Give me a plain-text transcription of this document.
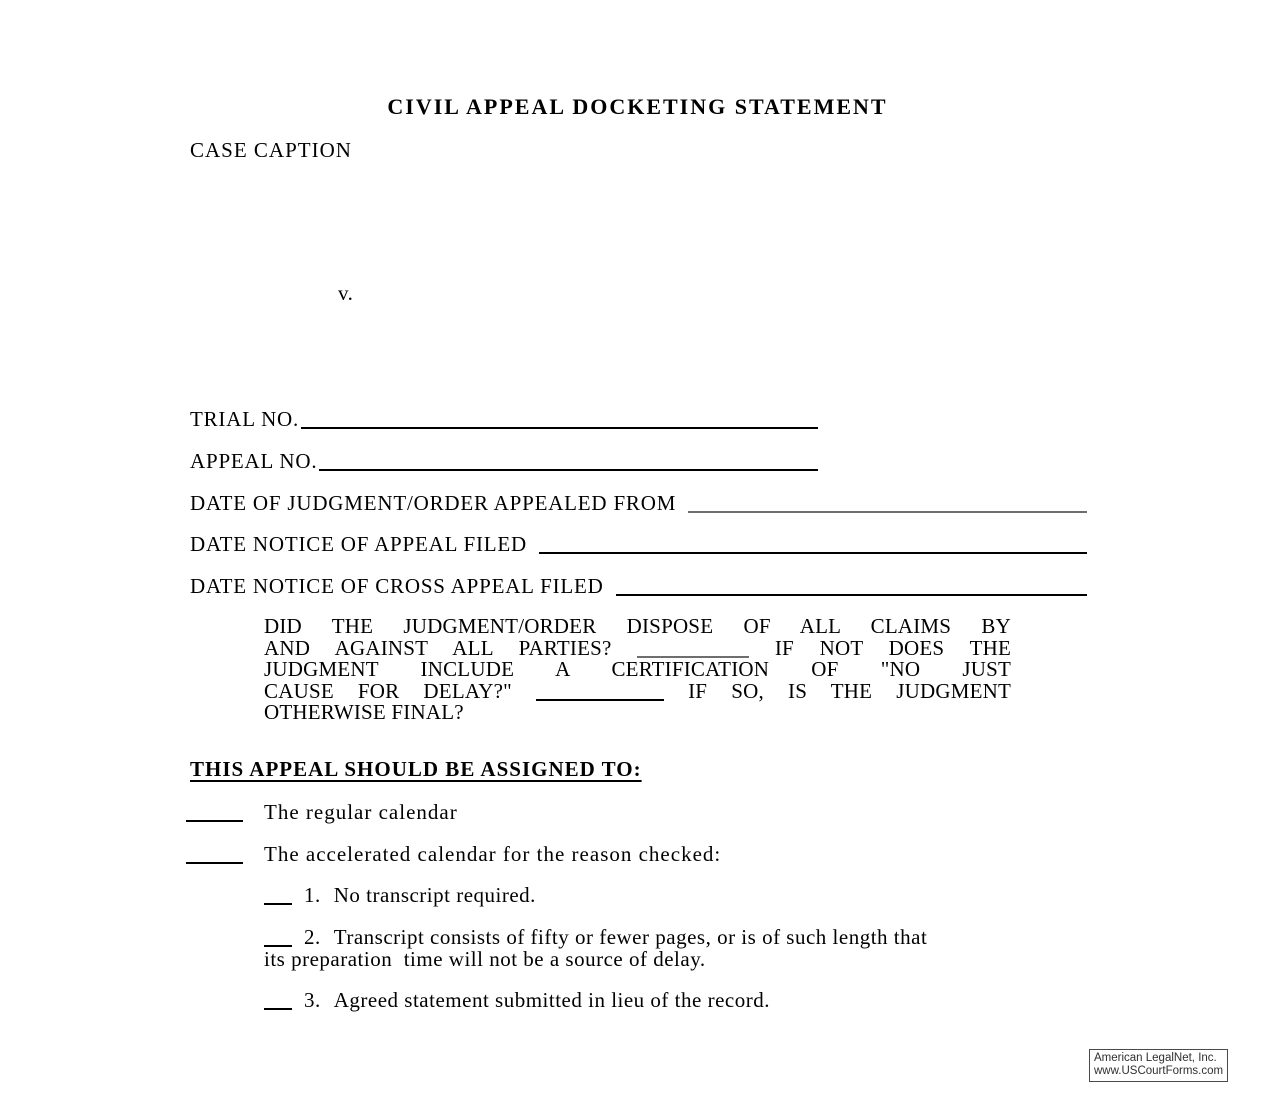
CIVIL APPEAL DOCKETING STATEMENT
CASE CAPTION
v.
TRIAL NO.
APPEAL NO.
DATE OF JUDGMENT/ORDER APPEALED FROM
DATE NOTICE OF APPEAL FILED
DATE NOTICE OF CROSS APPEAL FILED
DID THE JUDGMENT/ORDER DISPOSE OF ALL CLAIMS BY
AND AGAINST ALL PARTIES?	IF NOT DOES THE
JUDGMENT INCLUDE A CERTIFICATION OF "NO JUST
CAUSE FOR DELAY?"	IF SO, IS THE JUDGMENT
OTHERWISE FINAL?
THIS APPEAL SHOULD BE ASSIGNED TO:
The regular calendar
The accelerated calendar for the reason checked:
1. No transcript required.
2. Transcript consists of fifty or fewer pages, or is of such length that
its preparation  time will not be a source of delay.
3. Agreed statement submitted in lieu of the record.
American LegalNet, Inc.
www.USCourtForms.com
